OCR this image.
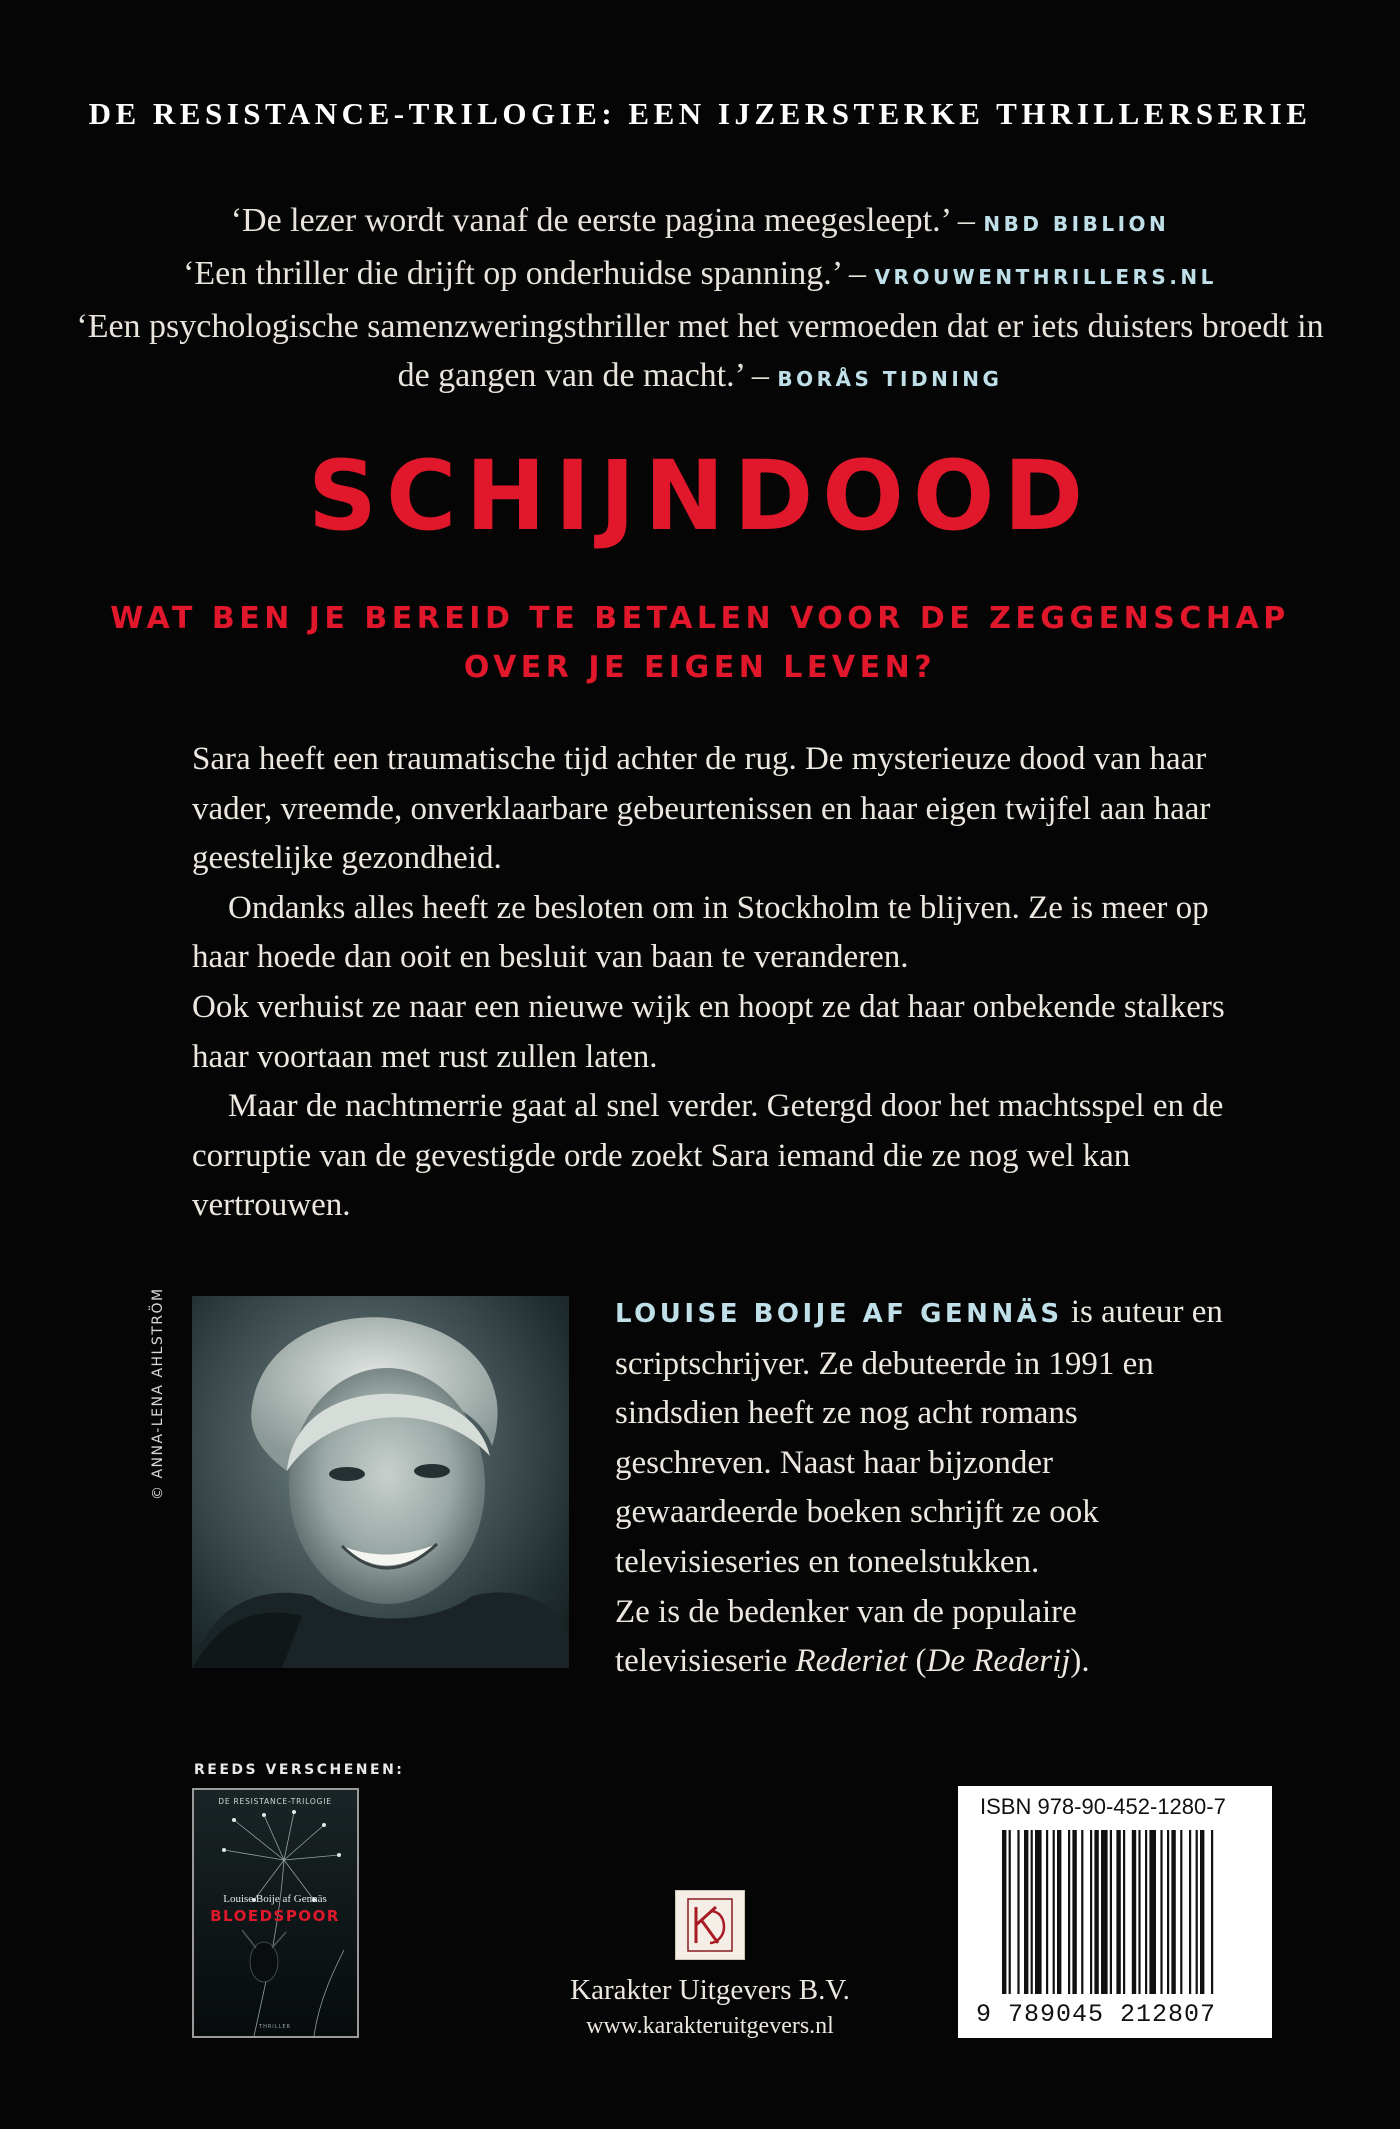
DE RESISTANCE-TRILOGIE: EEN IJZERSTERKE THRILLERSERIE
‘De lezer wordt vanaf de eerste pagina meegesleept.’ – NBD BIBLION
‘Een thriller die drijft op onderhuidse spanning.’ – VROUWENTHRILLERS.NL
‘Een psychologische samenzweringsthriller met het vermoeden dat er iets duisters broedt in de gangen van de macht.’ – BORÅS TIDNING
SCHIJNDOOD
WAT BEN JE BEREID TE BETALEN VOOR DE ZEGGENSCHAP
OVER JE EIGEN LEVEN?

Sara heeft een traumatische tijd achter de rug. De mysterieuze dood van haar vader, vreemde, onverklaarbare gebeurtenissen en haar eigen twijfel aan haar geestelijke gezondheid.

Ondanks alles heeft ze besloten om in Stockholm te blijven. Ze is meer op haar hoede dan ooit en besluit van baan te veranderen.

Ook verhuist ze naar een nieuwe wijk en hoopt ze dat haar onbekende stalkers haar voortaan met rust zullen laten.

Maar de nachtmerrie gaat al snel verder. Getergd door het machtsspel en de corruptie van de gevestigde orde zoekt Sara iemand die ze nog wel kan vertrouwen.

© ANNA-LENA AHLSTRÖM	LOUISE BOIJE AF GENNÄS is auteur en scriptschrijver. Ze debuteerde in 1991 en sindsdien heeft ze nog acht romans geschreven. Naast haar bijzonder gewaardeerde boeken schrijft ze ook televisieseries en toneelstukken.

Ze is de bedenker van de populaire televisieserie Rederiet (De Rederij).

REEDS VERSCHENEN:
DE RESISTANCE-TRILOGIE
Louise Boije af Gennäs
BLOEDSPOOR
THRILLER
Karakter Uitgevers B.V.
www.karakteruitgevers.nl
ISBN 978-90-452-1280-7
9 789045 212807
